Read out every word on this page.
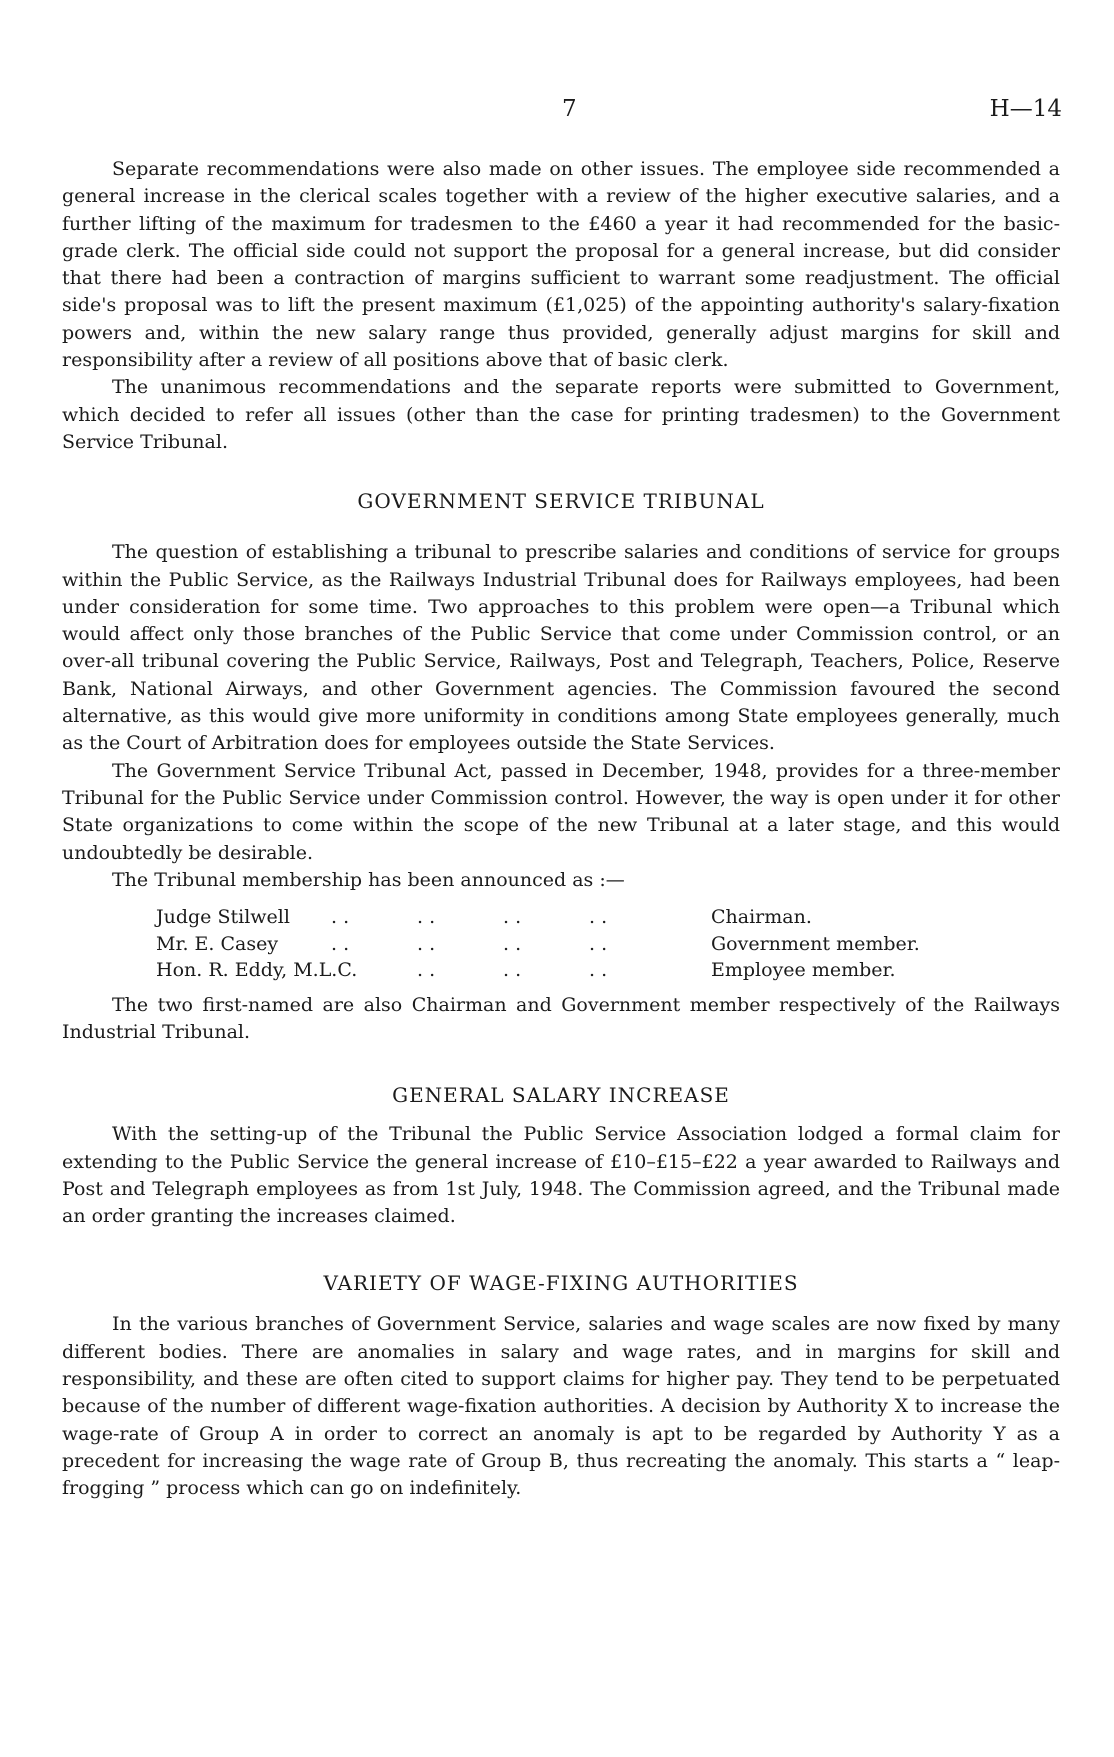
7	H—14

Separate recommendations were also made on other issues. The employee side recommended a general increase in the clerical scales together with a review of the higher executive salaries, and a further lifting of the maximum for tradesmen to the £460 a year it had recommended for the basic-grade clerk. The official side could not support the proposal for a general increase, but did consider that there had been a contraction of margins sufficient to warrant some readjustment. The official side's proposal was to lift the present maximum (£1,025) of the appointing authority's salary-fixation powers and, within the new salary range thus provided, generally adjust margins for skill and responsibility after a review of all positions above that of basic clerk.

The unanimous recommendations and the separate reports were submitted to Government, which decided to refer all issues (other than the case for printing tradesmen) to the Government Service Tribunal.

GOVERNMENT SERVICE TRIBUNAL

The question of establishing a tribunal to prescribe salaries and conditions of service for groups within the Public Service, as the Railways Industrial Tribunal does for Railways employees, had been under consideration for some time. Two approaches to this problem were open—a Tribunal which would affect only those branches of the Public Service that come under Commission control, or an over-all tribunal covering the Public Service, Railways, Post and Telegraph, Teachers, Police, Reserve Bank, National Airways, and other Government agencies. The Commission favoured the second alternative, as this would give more uniformity in conditions among State employees generally, much as the Court of Arbitration does for employees outside the State Services.

The Government Service Tribunal Act, passed in December, 1948, provides for a three-member Tribunal for the Public Service under Commission control. However, the way is open under it for other State organizations to come within the scope of the new Tribunal at a later stage, and this would undoubtedly be desirable.

The Tribunal membership has been announced as :—

Judge Stilwell	. .	. .	. .	. .	Chairman.
Mr. E. Casey	. .	. .	. .	. .	Government member.
Hon. R. Eddy, M.L.C.	. .	. .	. .	Employee member.

The two first-named are also Chairman and Government member respectively of the Railways Industrial Tribunal.

GENERAL SALARY INCREASE

With the setting-up of the Tribunal the Public Service Association lodged a formal claim for extending to the Public Service the general increase of £10–£15–£22 a year awarded to Railways and Post and Telegraph employees as from 1st July, 1948. The Commission agreed, and the Tribunal made an order granting the increases claimed.

VARIETY OF WAGE-FIXING AUTHORITIES

In the various branches of Government Service, salaries and wage scales are now fixed by many different bodies. There are anomalies in salary and wage rates, and in margins for skill and responsibility, and these are often cited to support claims for higher pay. They tend to be perpetuated because of the number of different wage-fixation authorities. A decision by Authority X to increase the wage-rate of Group A in order to correct an anomaly is apt to be regarded by Authority Y as a precedent for increasing the wage rate of Group B, thus recreating the anomaly. This starts a “ leap-frogging ” process which can go on indefinitely.
